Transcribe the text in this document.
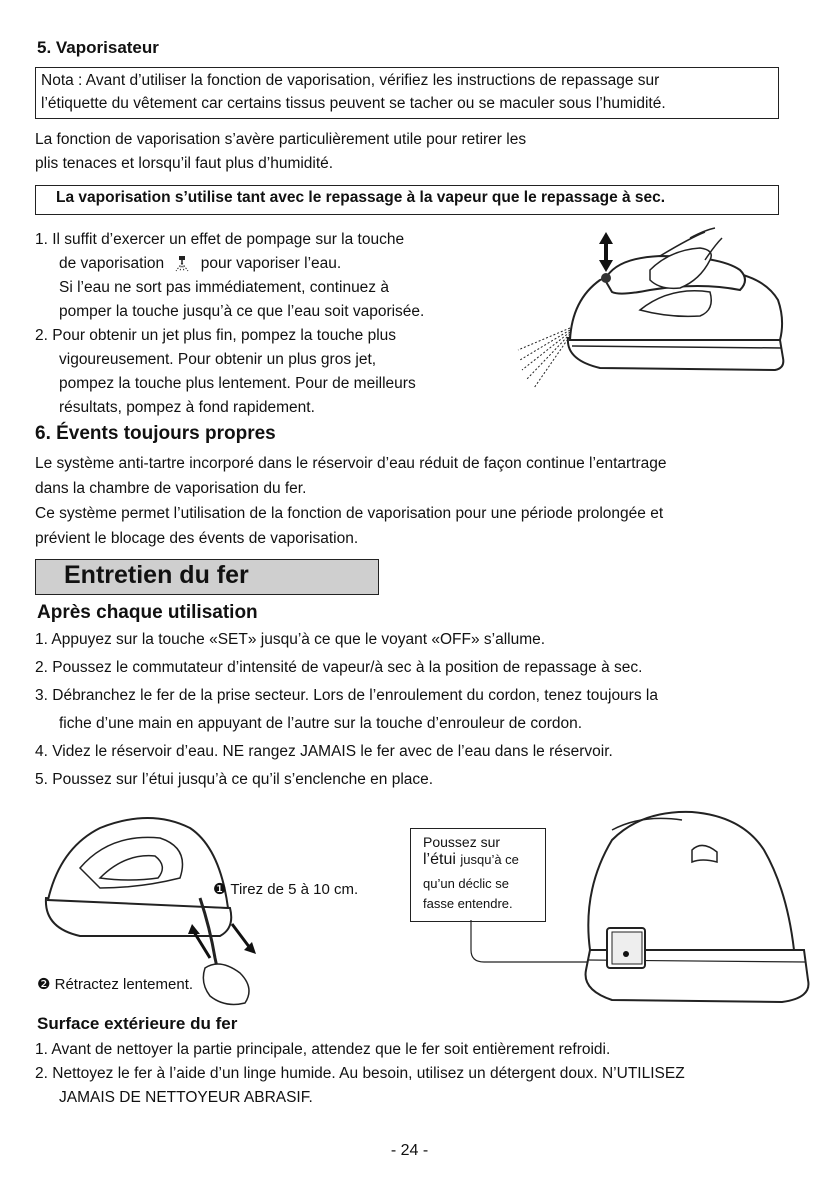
5. Vaporisateur
Nota : Avant d’utiliser la fonction de vaporisation, vérifiez les instructions de repassage sur
l’étiquette du vêtement car certains tissus peuvent se tacher ou se maculer sous l’humidité.
La fonction de vaporisation s’avère particulièrement utile pour retirer les
plis tenaces et lorsqu’il faut plus d’humidité.
La vaporisation s’utilise tant avec le repassage à la vapeur que le repassage à sec.
1. Il suffit d’exercer un effet de pompage sur la touche
de vaporisation pour vaporiser l’eau.
Si l’eau ne sort pas immédiatement, continuez à
pomper la touche jusqu’à ce que l’eau soit vaporisée.
2. Pour obtenir un jet plus fin, pompez la touche plus
vigoureusement. Pour obtenir un plus gros jet,
pompez la touche plus lentement. Pour de meilleurs
résultats, pompez à fond rapidement.
6. Évents toujours propres
Le système anti-tartre incorporé dans le réservoir d’eau réduit de façon continue l’entartrage
dans la chambre de vaporisation du fer.
Ce système permet l’utilisation de la fonction de vaporisation pour une période prolongée et
prévient le blocage des évents de vaporisation.
Entretien du fer
Après chaque utilisation
1. Appuyez sur la touche «SET» jusqu’à ce que le voyant «OFF» s’allume.
2. Poussez le commutateur d’intensité de vapeur/à sec à la position de repassage à sec.
3. Débranchez le fer de la prise secteur. Lors de l’enroulement du cordon, tenez toujours la
fiche d’une main en appuyant de l’autre sur la touche d’enrouleur de cordon.
4. Videz le réservoir d’eau. NE rangez JAMAIS le fer avec de l’eau dans le réservoir.
5. Poussez sur l’étui jusqu’à ce qu’il s’enclenche en place.
❶ Tirez de 5 à 10 cm.
❷ Rétractez lentement.
Poussez sur
l’étui jusqu’à ce
qu’un déclic se
fasse entendre.
Surface extérieure du fer
1. Avant de nettoyer la partie principale, attendez que le fer soit entièrement refroidi.
2. Nettoyez le fer à l’aide d’un linge humide. Au besoin, utilisez un détergent doux. N’UTILISEZ
JAMAIS DE NETTOYEUR ABRASIF.
- 24 -
